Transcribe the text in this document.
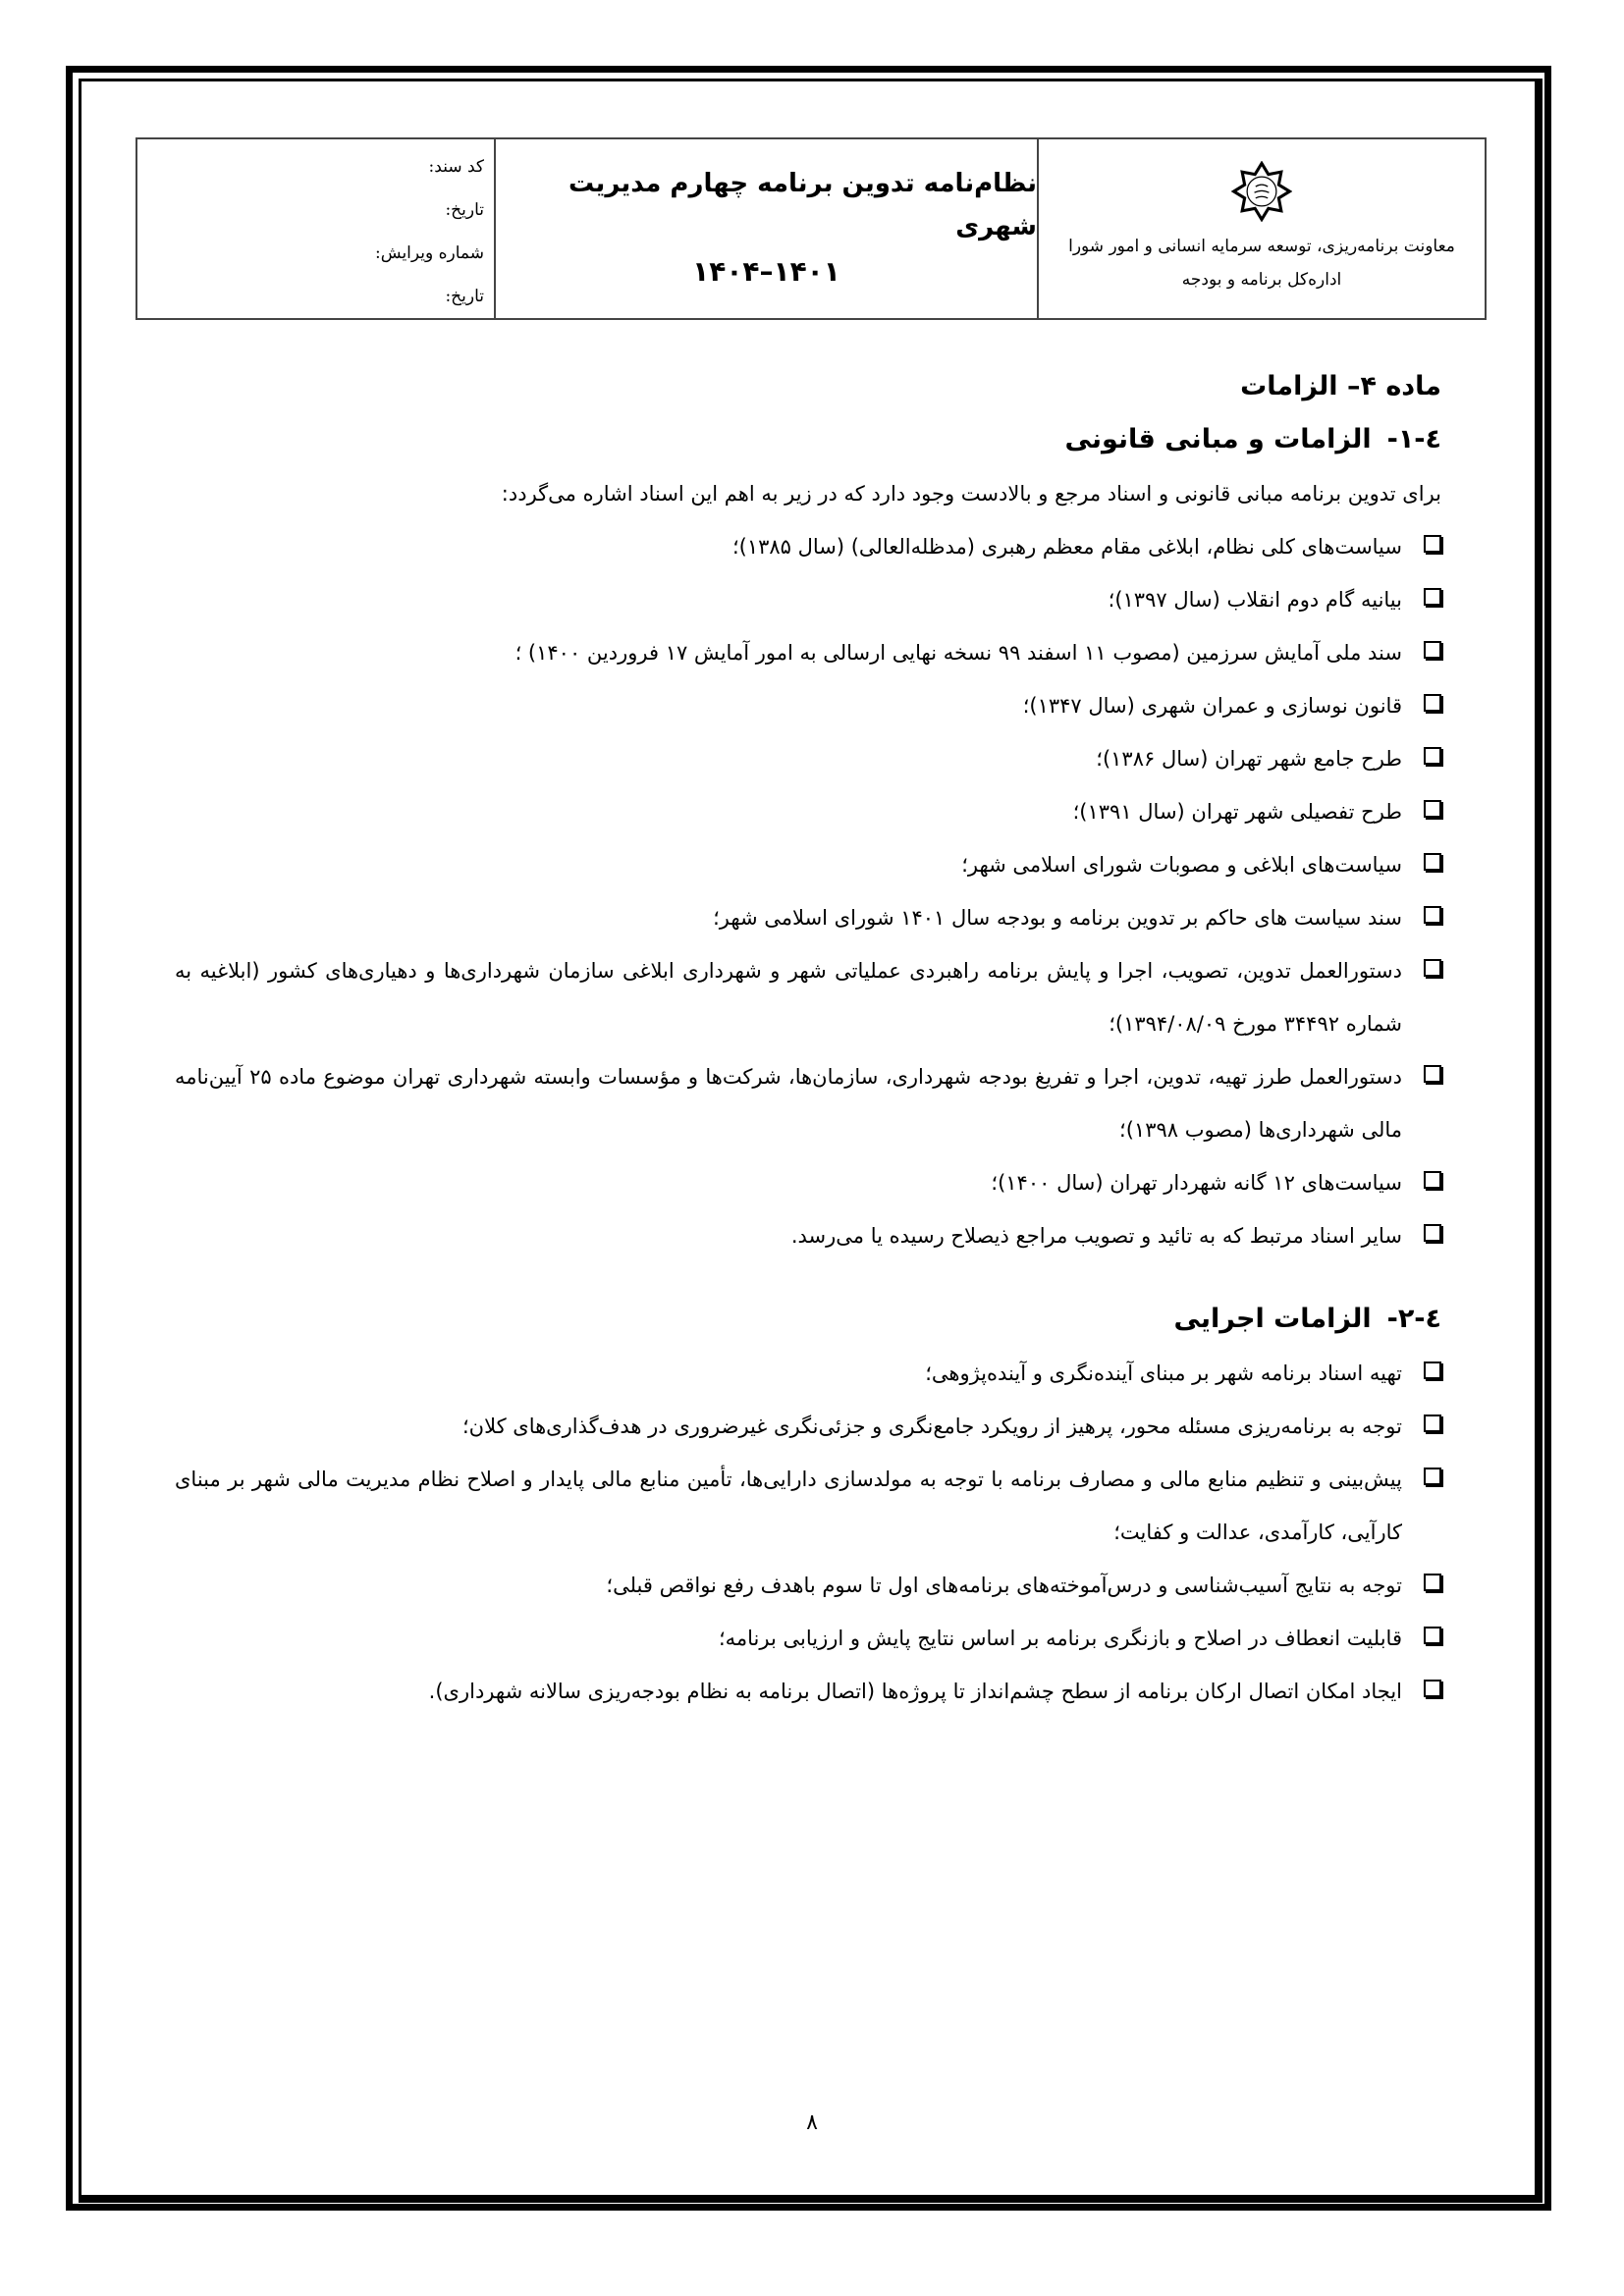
معاونت برنامه‌ریزی، توسعه سرمایه انسانی و امور شورا
اداره‌کل برنامه و بودجه
نظام‌نامه تدوین برنامه چهارم مدیریت شهری
۱۴۰۱–۱۴۰۴
کد سند:
تاریخ:
شماره ویرایش:
تاریخ:
ماده ۴– الزامات
٤-١-الزامات و مبانی قانونی

برای تدوین برنامه مبانی قانونی و اسناد مرجع و بالادست وجود دارد که در زیر به اهم این اسناد اشاره می‌گردد:

سیاست‌های کلی نظام، ابلاغی مقام معظم رهبری (مدظله‌العالی) (سال ۱۳۸۵)؛
بیانیه گام دوم انقلاب (سال ۱۳۹۷)؛
سند ملی آمایش سرزمین (مصوب ۱۱ اسفند ۹۹ نسخه نهایی ارسالی به امور آمایش ۱۷ فروردین ۱۴۰۰) ؛
قانون نوسازی و عمران شهری (سال ۱۳۴۷)؛
طرح جامع شهر تهران (سال ۱۳۸۶)؛
طرح تفصیلی شهر تهران (سال ۱۳۹۱)؛
سیاست‌های ابلاغی و مصوبات شورای اسلامی شهر؛
سند سیاست های حاکم بر تدوین برنامه و بودجه سال ۱۴۰۱ شورای اسلامی شهر؛
دستورالعمل تدوین، تصویب، اجرا و پایش برنامه راهبردی عملیاتی شهر و شهرداری ابلاغی سازمان شهرداری‌ها و دهیاری‌های کشور (ابلاغیه به شماره ۳۴۴۹۲ مورخ ۱۳۹۴/۰۸/۰۹)؛
دستورالعمل طرز تهیه، تدوین، اجرا و تفریغ بودجه شهرداری، سازمان‌ها، شرکت‌ها و مؤسسات وابسته شهرداری تهران موضوع ماده ۲۵ آیین‌نامه مالی شهرداری‌ها (مصوب ۱۳۹۸)؛
سیاست‌های ۱۲ گانه شهردار تهران (سال ۱۴۰۰)؛
سایر اسناد مرتبط که به تائید و تصویب مراجع ذیصلاح رسیده یا می‌رسد.
٤-٢-الزامات اجرایی
تهیه اسناد برنامه شهر بر مبنای آینده‌نگری و آینده‌پژوهی؛
توجه به برنامه‌ریزی مسئله محور، پرهیز از رویکرد جامع‌نگری و جزئی‌نگری غیرضروری در هدف‌گذاری‌های کلان؛
پیش‌بینی و تنظیم منابع مالی و مصارف برنامه با توجه به مولدسازی دارایی‌ها، تأمین منابع مالی پایدار و اصلاح نظام مدیریت مالی شهر بر مبنای کارآیی، کارآمدی، عدالت و کفایت؛
توجه به نتایج آسیب‌شناسی و درس‌آموخته‌های برنامه‌های اول تا سوم باهدف رفع نواقص قبلی؛
قابلیت انعطاف در اصلاح و بازنگری برنامه بر اساس نتایج پایش و ارزیابی برنامه؛
ایجاد امکان اتصال ارکان برنامه از سطح چشم‌انداز تا پروژه‌ها (اتصال برنامه به نظام بودجه‌ریزی سالانه شهرداری).
۸
